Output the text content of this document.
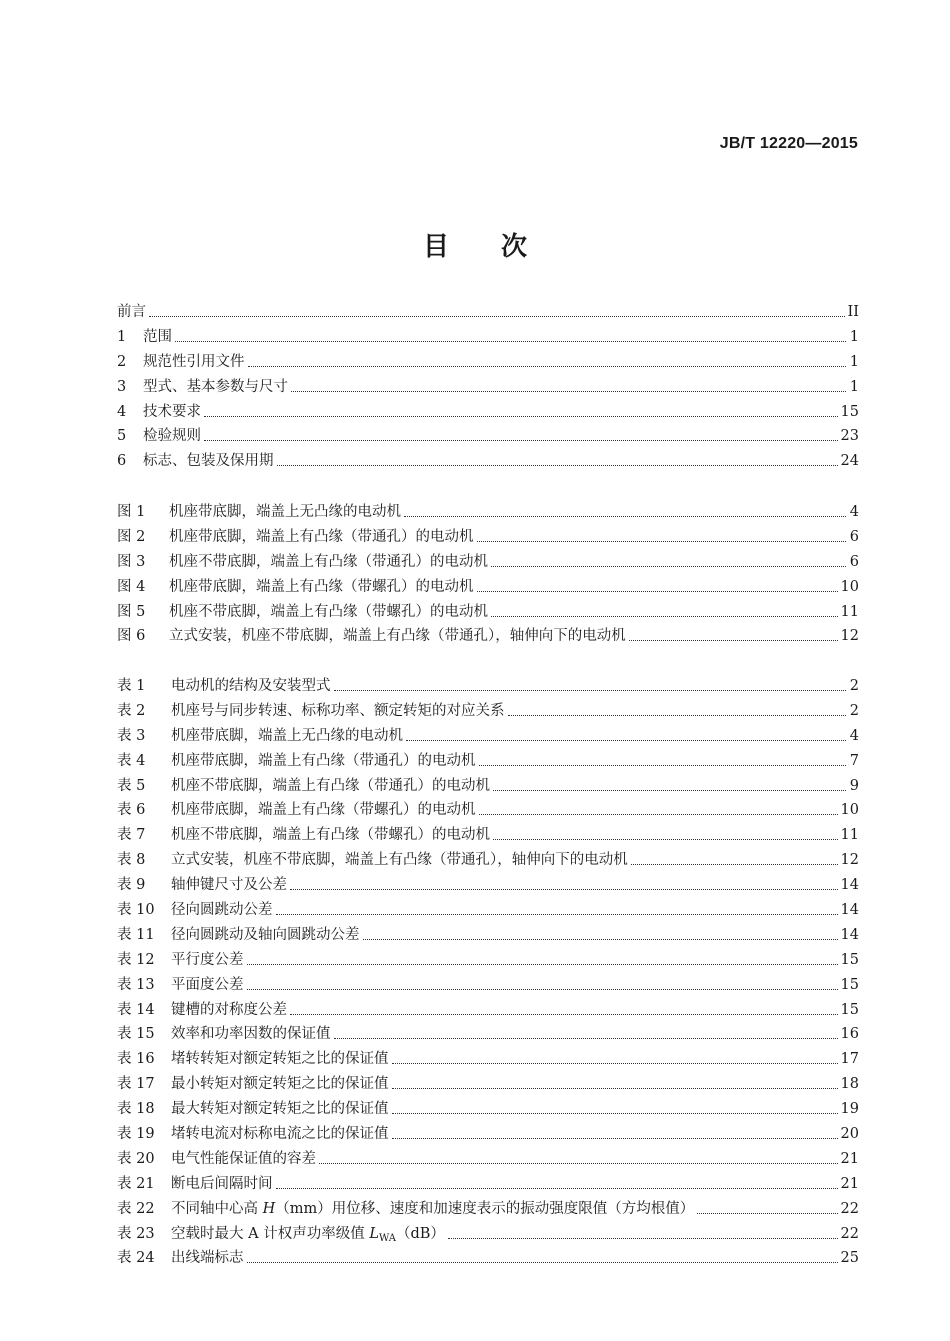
JB/T 12220—2015
目次
前言	II
1	范围	1
2	规范性引用文件	1
3	型式、基本参数与尺寸	1
4	技术要求	15
5	检验规则	23
6	标志、包装及保用期	24
图 1	机座带底脚，端盖上无凸缘的电动机	4
图 2	机座带底脚，端盖上有凸缘（带通孔）的电动机	6
图 3	机座不带底脚，端盖上有凸缘（带通孔）的电动机	6
图 4	机座带底脚，端盖上有凸缘（带螺孔）的电动机	10
图 5	机座不带底脚，端盖上有凸缘（带螺孔）的电动机	11
图 6	立式安装，机座不带底脚，端盖上有凸缘（带通孔），轴伸向下的电动机	12
表 1	电动机的结构及安装型式	2
表 2	机座号与同步转速、标称功率、额定转矩的对应关系	2
表 3	机座带底脚，端盖上无凸缘的电动机	4
表 4	机座带底脚，端盖上有凸缘（带通孔）的电动机	7
表 5	机座不带底脚，端盖上有凸缘（带通孔）的电动机	9
表 6	机座带底脚，端盖上有凸缘（带螺孔）的电动机	10
表 7	机座不带底脚，端盖上有凸缘（带螺孔）的电动机	11
表 8	立式安装，机座不带底脚，端盖上有凸缘（带通孔），轴伸向下的电动机	12
表 9	轴伸键尺寸及公差	14
表 10	径向圆跳动公差	14
表 11	径向圆跳动及轴向圆跳动公差	14
表 12	平行度公差	15
表 13	平面度公差	15
表 14	键槽的对称度公差	15
表 15	效率和功率因数的保证值	16
表 16	堵转转矩对额定转矩之比的保证值	17
表 17	最小转矩对额定转矩之比的保证值	18
表 18	最大转矩对额定转矩之比的保证值	19
表 19	堵转电流对标称电流之比的保证值	20
表 20	电气性能保证值的容差	21
表 21	断电后间隔时间	21
表 22	不同轴中心高 H（mm）用位移、速度和加速度表示的振动强度限值（方均根值）	22
表 23	空载时最大 A 计权声功率级值 $L_{WA}(dB)$	22
表 24	出线端标志	25
